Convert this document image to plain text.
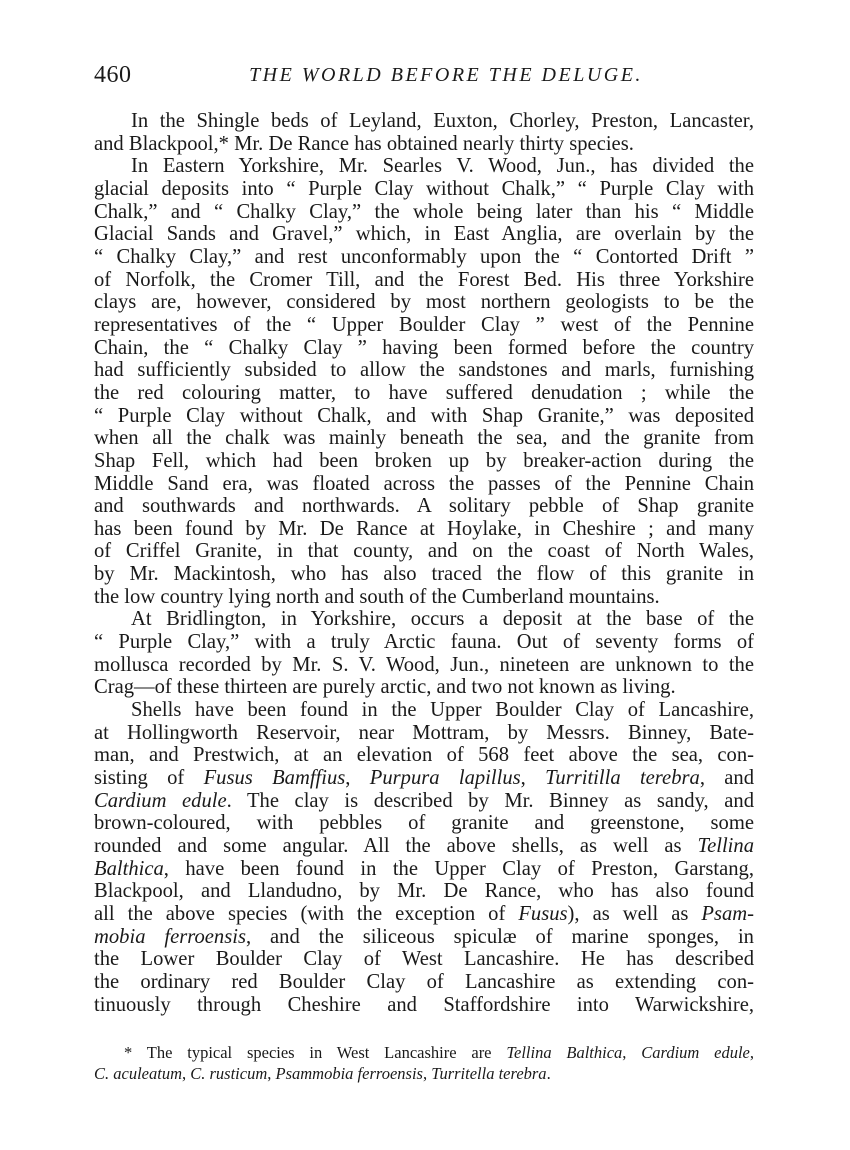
460	THE WORLD BEFORE THE DELUGE.
In the Shingle beds of Leyland, Euxton, Chorley, Preston, Lancaster,
and Blackpool,* Mr. De Rance has obtained nearly thirty species.
In Eastern Yorkshire, Mr. Searles V. Wood, Jun., has divided the
glacial deposits into “ Purple Clay without Chalk,” “ Purple Clay with
Chalk,” and “ Chalky Clay,” the whole being later than his “ Middle
Glacial Sands and Gravel,” which, in East Anglia, are overlain by the
“ Chalky Clay,” and rest unconformably upon the “ Contorted Drift ”
of Norfolk, the Cromer Till, and the Forest Bed. His three Yorkshire
clays are, however, considered by most northern geologists to be the
representatives of the “ Upper Boulder Clay ” west of the Pennine
Chain, the “ Chalky Clay ” having been formed before the country
had sufficiently subsided to allow the sandstones and marls, furnishing
the red colouring matter, to have suffered denudation ; while the
“ Purple Clay without Chalk, and with Shap Granite,” was deposited
when all the chalk was mainly beneath the sea, and the granite from
Shap Fell, which had been broken up by breaker-action during the
Middle Sand era, was floated across the passes of the Pennine Chain
and southwards and northwards. A solitary pebble of Shap granite
has been found by Mr. De Rance at Hoylake, in Cheshire ; and many
of Criffel Granite, in that county, and on the coast of North Wales,
by Mr. Mackintosh, who has also traced the flow of this granite in
the low country lying north and south of the Cumberland mountains.
At Bridlington, in Yorkshire, occurs a deposit at the base of the
“ Purple Clay,” with a truly Arctic fauna. Out of seventy forms of
mollusca recorded by Mr. S. V. Wood, Jun., nineteen are unknown to the
Crag—of these thirteen are purely arctic, and two not known as living.
Shells have been found in the Upper Boulder Clay of Lancashire,
at Hollingworth Reservoir, near Mottram, by Messrs. Binney, Bate-
man, and Prestwich, at an elevation of 568 feet above the sea, con-
sisting of Fusus Bamffius, Purpura lapillus, Turritilla terebra, and
Cardium edule. The clay is described by Mr. Binney as sandy, and
brown-coloured, with pebbles of granite and greenstone, some
rounded and some angular. All the above shells, as well as Tellina
Balthica, have been found in the Upper Clay of Preston, Garstang,
Blackpool, and Llandudno, by Mr. De Rance, who has also found
all the above species (with the exception of Fusus), as well as Psam-
mobia ferroensis, and the siliceous spiculæ of marine sponges, in
the Lower Boulder Clay of West Lancashire. He has described
the ordinary red Boulder Clay of Lancashire as extending con-
tinuously through Cheshire and Staffordshire into Warwickshire,
* The typical species in West Lancashire are Tellina Balthica, Cardium edule,
C. aculeatum, C. rusticum, Psammobia ferroensis, Turritella terebra.
